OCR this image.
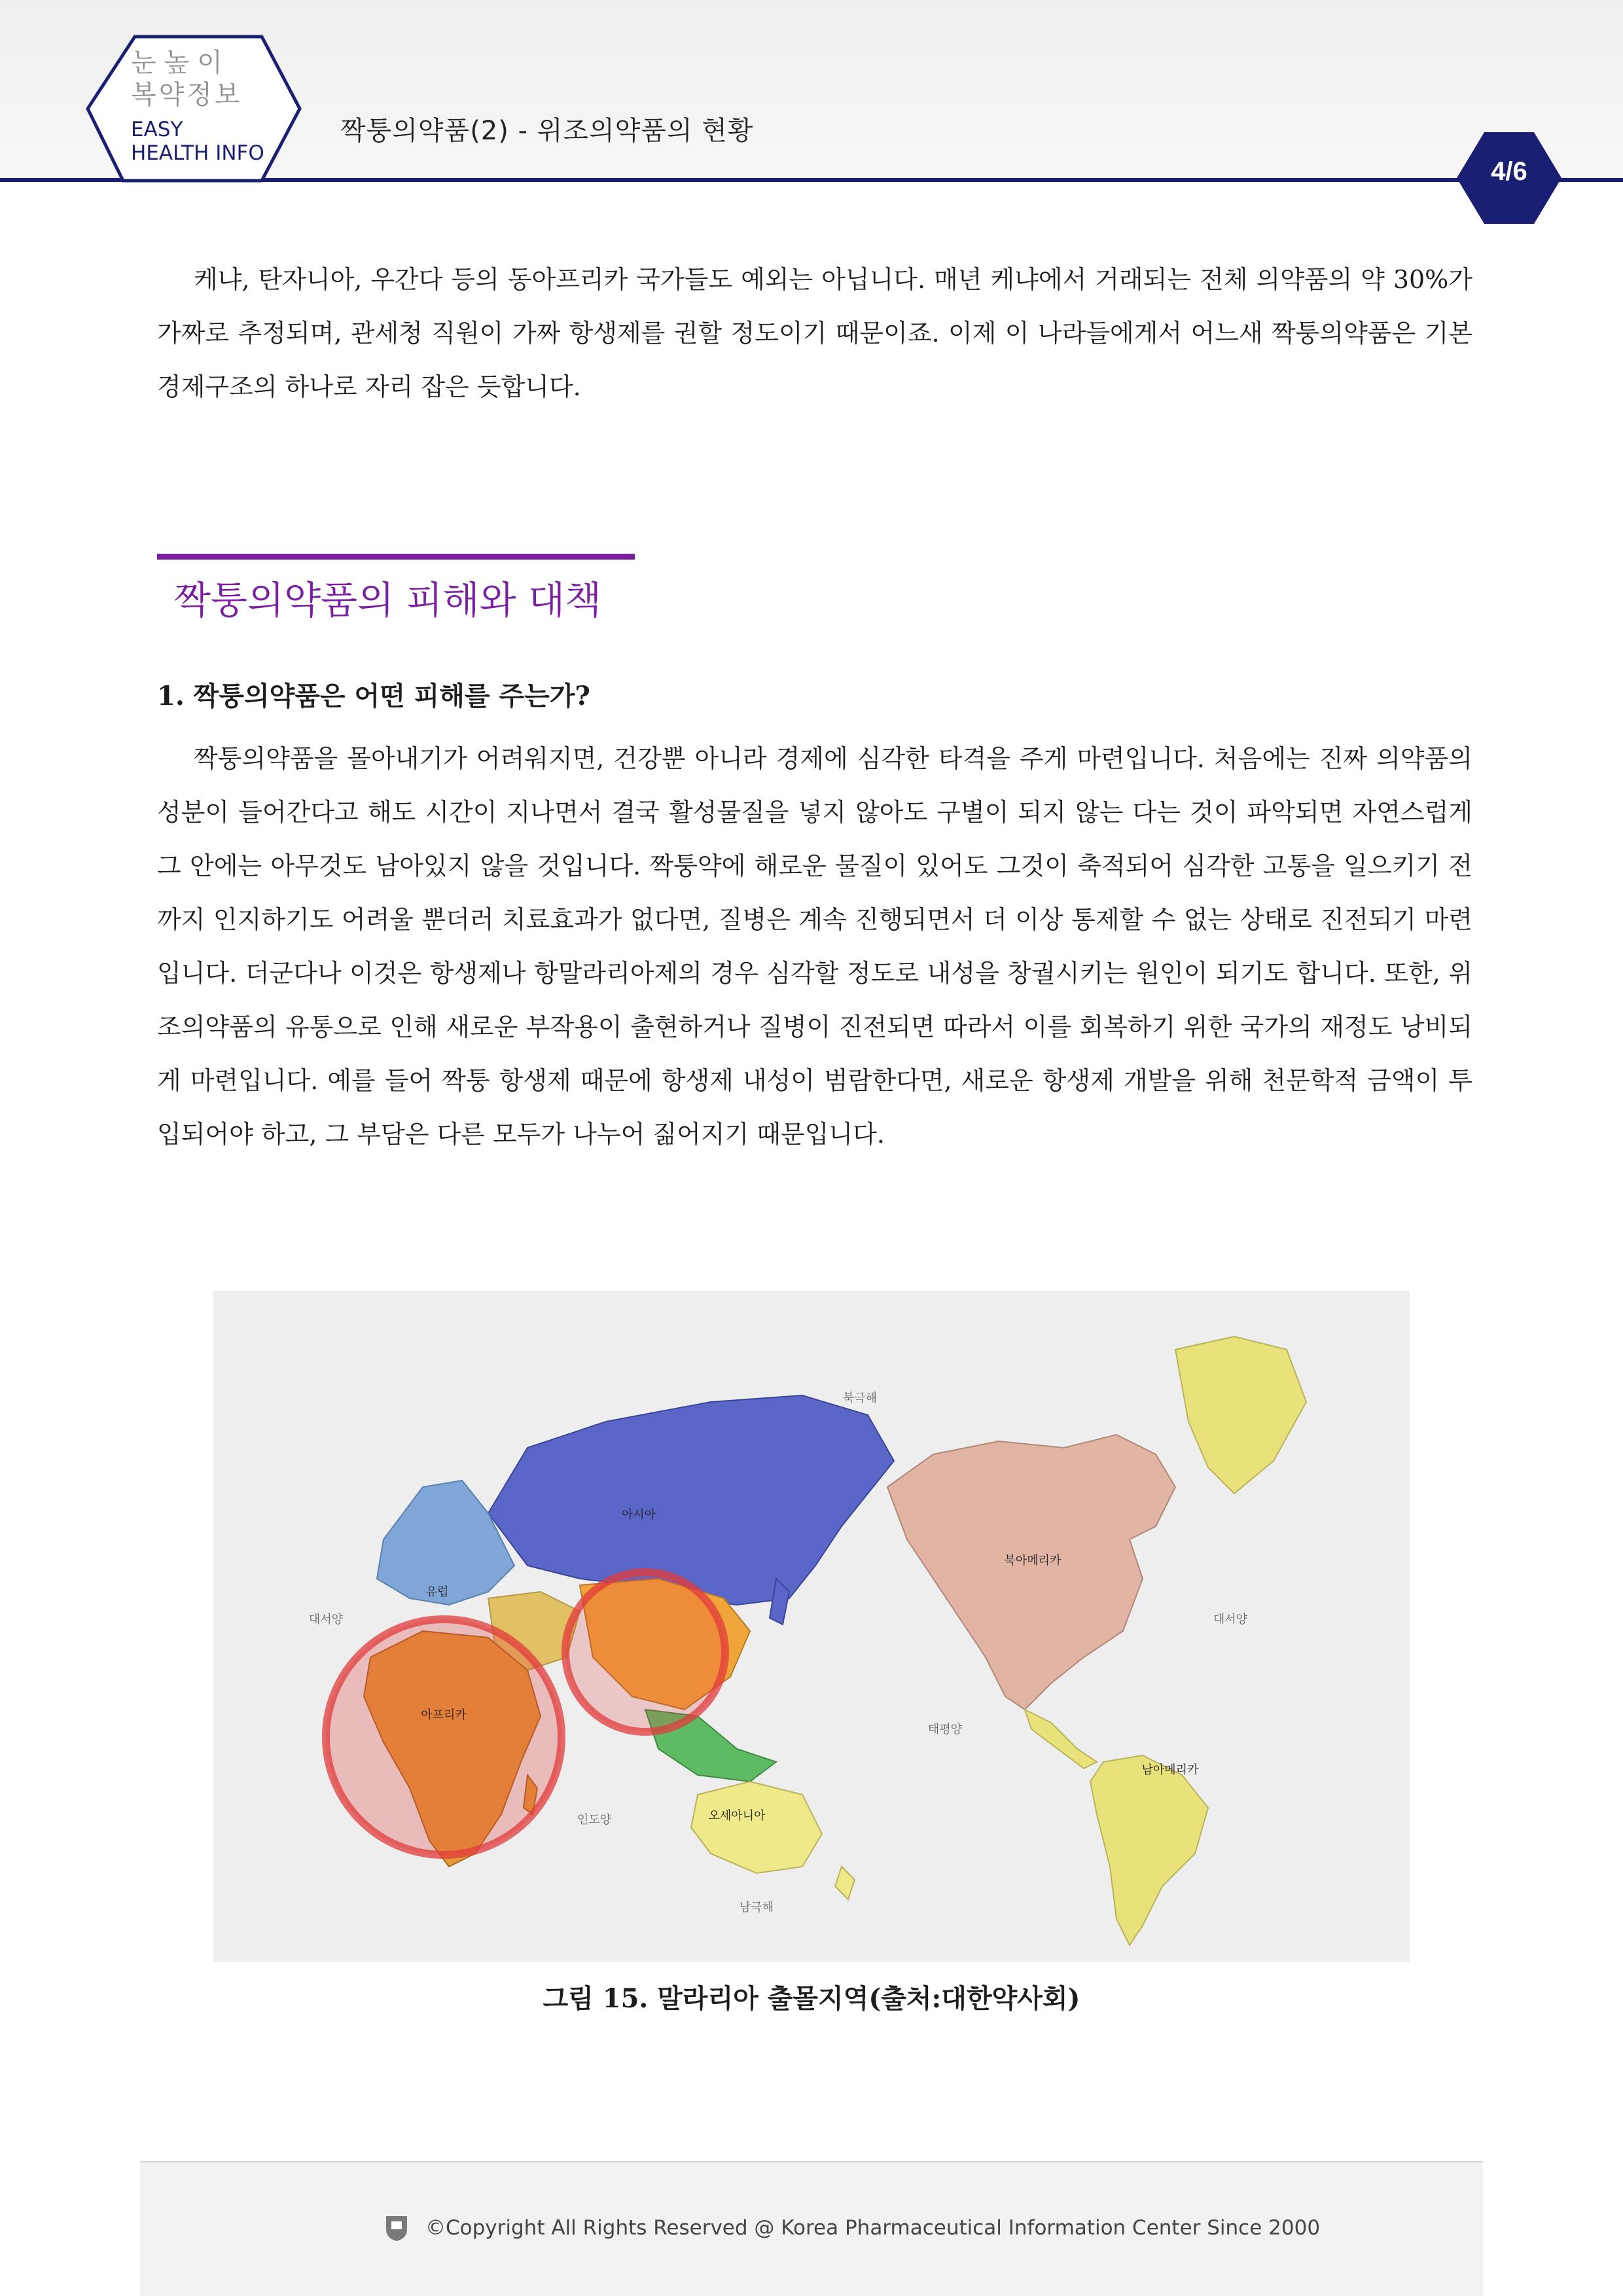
눈높이
복약정보
EASY
HEALTH INFO
짝퉁의약품(2) - 위조의약품의 현황
4/6
케냐, 탄자니아, 우간다 등의 동아프리카 국가들도 예외는 아닙니다. 매년 케냐에서 거래되는 전체 의약품의 약 30%가 가짜로 추정되며, 관세청 직원이 가짜 항생제를 권할 정도이기 때문이죠. 이제 이 나라들에게서 어느새 짝퉁의약품은 기본 경제구조의 하나로 자리 잡은 듯합니다.
짝퉁의약품의 피해와 대책
1. 짝퉁의약품은 어떤 피해를 주는가?
짝퉁의약품을 몰아내기가 어려워지면, 건강뿐 아니라 경제에 심각한 타격을 주게 마련입니다. 처음에는 진짜 의약품의 성분이 들어간다고 해도 시간이 지나면서 결국 활성물질을 넣지 않아도 구별이 되지 않는 다는 것이 파악되면 자연스럽게 그 안에는 아무것도 남아있지 않을 것입니다. 짝퉁약에 해로운 물질이 있어도 그것이 축적되어 심각한 고통을 일으키기 전까지 인지하기도 어려울 뿐더러 치료효과가 없다면, 질병은 계속 진행되면서 더 이상 통제할 수 없는 상태로 진전되기 마련입니다. 더군다나 이것은 항생제나 항말라리아제의 경우 심각할 정도로 내성을 창궐시키는 원인이 되기도 합니다. 또한, 위조의약품의 유통으로 인해 새로운 부작용이 출현하거나 질병이 진전되면 따라서 이를 회복하기 위한 국가의 재정도 낭비되게 마련입니다. 예를 들어 짝퉁 항생제 때문에 항생제 내성이 범람한다면, 새로운 항생제 개발을 위해 천문학적 금액이 투입되어야 하고, 그 부담은 다른 모두가 나누어 짊어지기 때문입니다.
북극해
남극해
대서양	대서양
인도양
태평양
아시아
유럽
아프리카
오세아니아
북아메리카
남아메리카
그림 15. 말라리아 출몰지역(출처:대한약사회)
©Copyright All Rights Reserved @ Korea Pharmaceutical Information Center Since 2000
